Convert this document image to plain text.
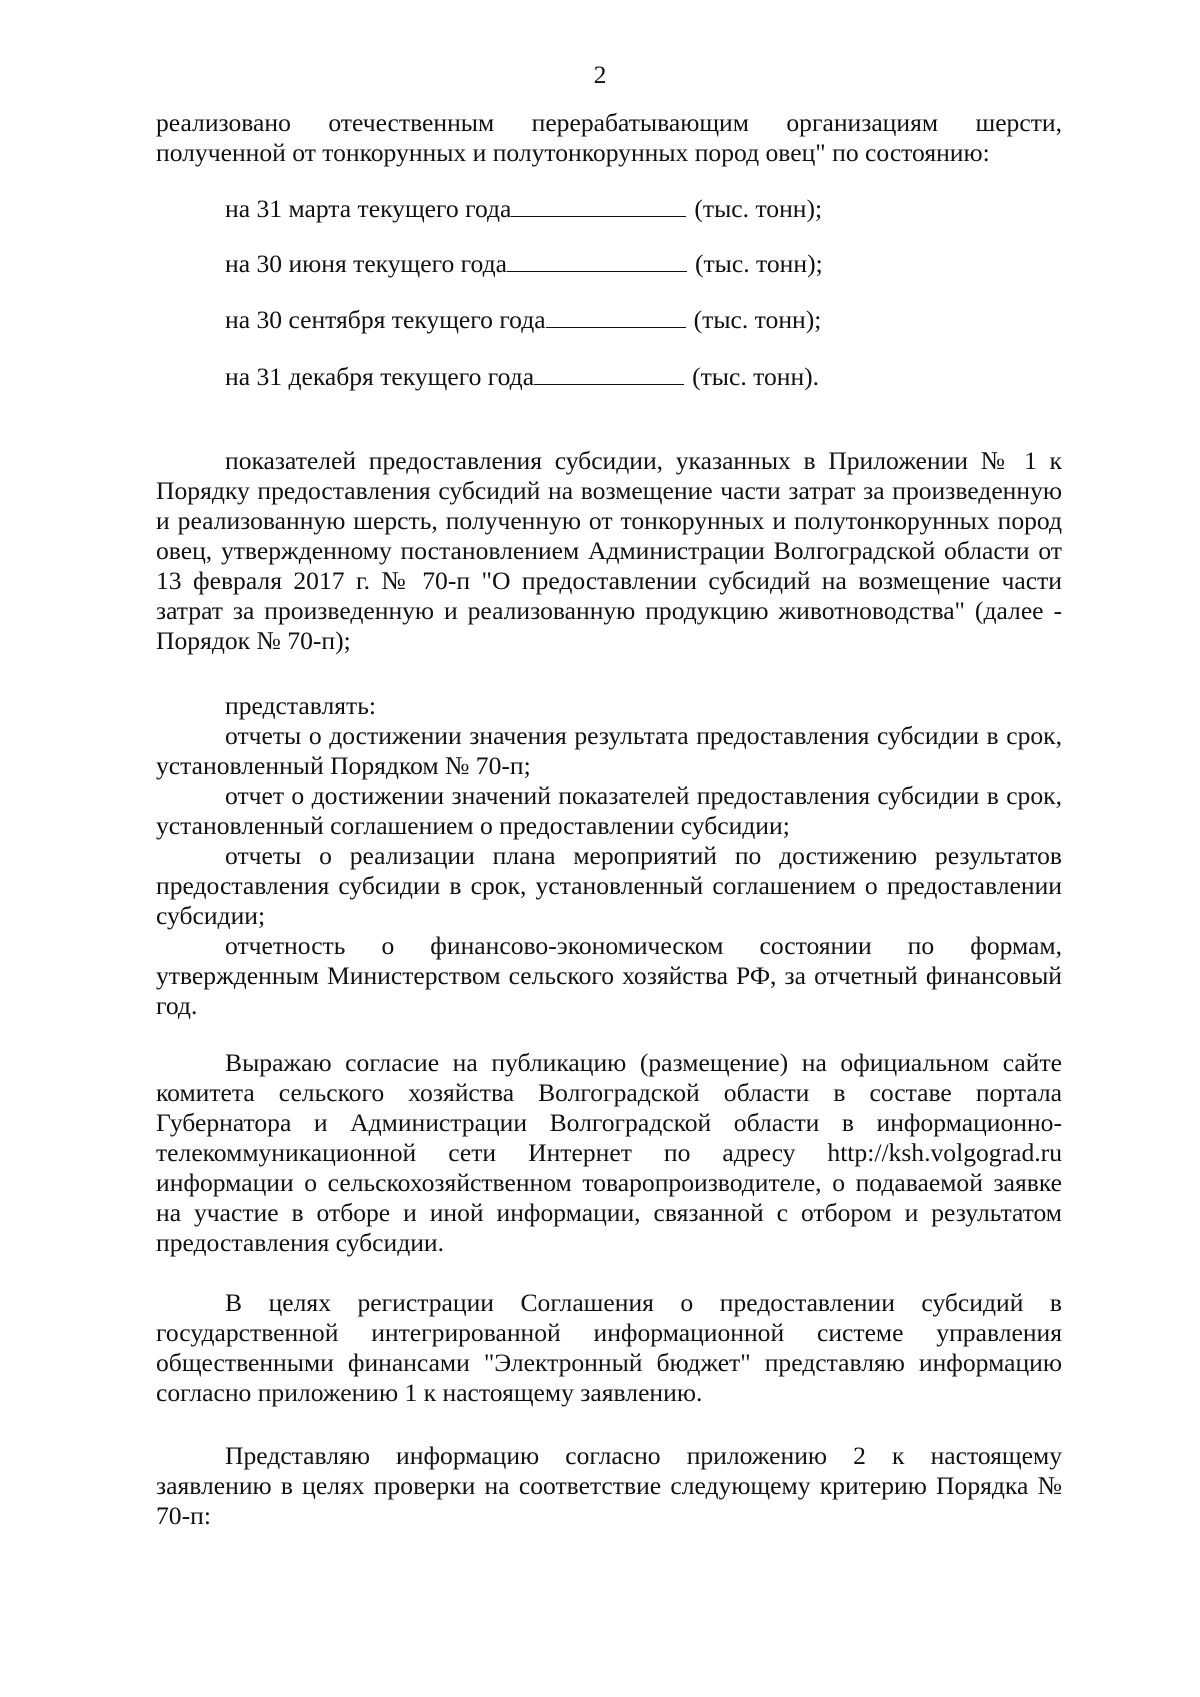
2
реализовано отечественным перерабатывающим организациям шерсти, полученной от тонкорунных и полутонкорунных пород овец" по состоянию:
на 31 марта текущего года	(тыс. тонн);
на 30 июня текущего года	(тыс. тонн);
на 30 сентября текущего года	(тыс. тонн);
на 31 декабря текущего года	(тыс. тонн).
показателей предоставления субсидии, указанных в Приложении № 1 к Порядку предоставления субсидий на возмещение части затрат за произведенную и реализованную шерсть, полученную от тонкорунных и полутонкорунных пород овец, утвержденному постановлением Администрации Волгоградской области от 13 февраля 2017 г. № 70-п "О предоставлении субсидий на возмещение части затрат за произведенную и реализованную продукцию животноводства" (далее - Порядок № 70-п);
представлять:
отчеты о достижении значения результата предоставления субсидии в срок, установленный Порядком № 70-п;
отчет о достижении значений показателей предоставления субсидии в срок, установленный соглашением о предоставлении субсидии;
отчеты о реализации плана мероприятий по достижению результатов предоставления субсидии в срок, установленный соглашением о предоставлении субсидии;
отчетность о финансово-экономическом состоянии по формам, утвержденным Министерством сельского хозяйства РФ, за отчетный финансовый год.
Выражаю согласие на публикацию (размещение) на официальном сайте комитета сельского хозяйства Волгоградской области в составе портала Губернатора и Администрации Волгоградской области в информационно-телекоммуникационной сети Интернет по адресу http://ksh.volgograd.ru информации о сельскохозяйственном товаропроизводителе, о подаваемой заявке на участие в отборе и иной информации, связанной с отбором и результатом предоставления субсидии.
В целях регистрации Соглашения о предоставлении субсидий в государственной интегрированной информационной системе управления общественными финансами "Электронный бюджет" представляю информацию согласно приложению 1 к настоящему заявлению.
Представляю информацию согласно приложению 2 к настоящему заявлению в целях проверки на соответствие следующему критерию Порядка № 70-п:
